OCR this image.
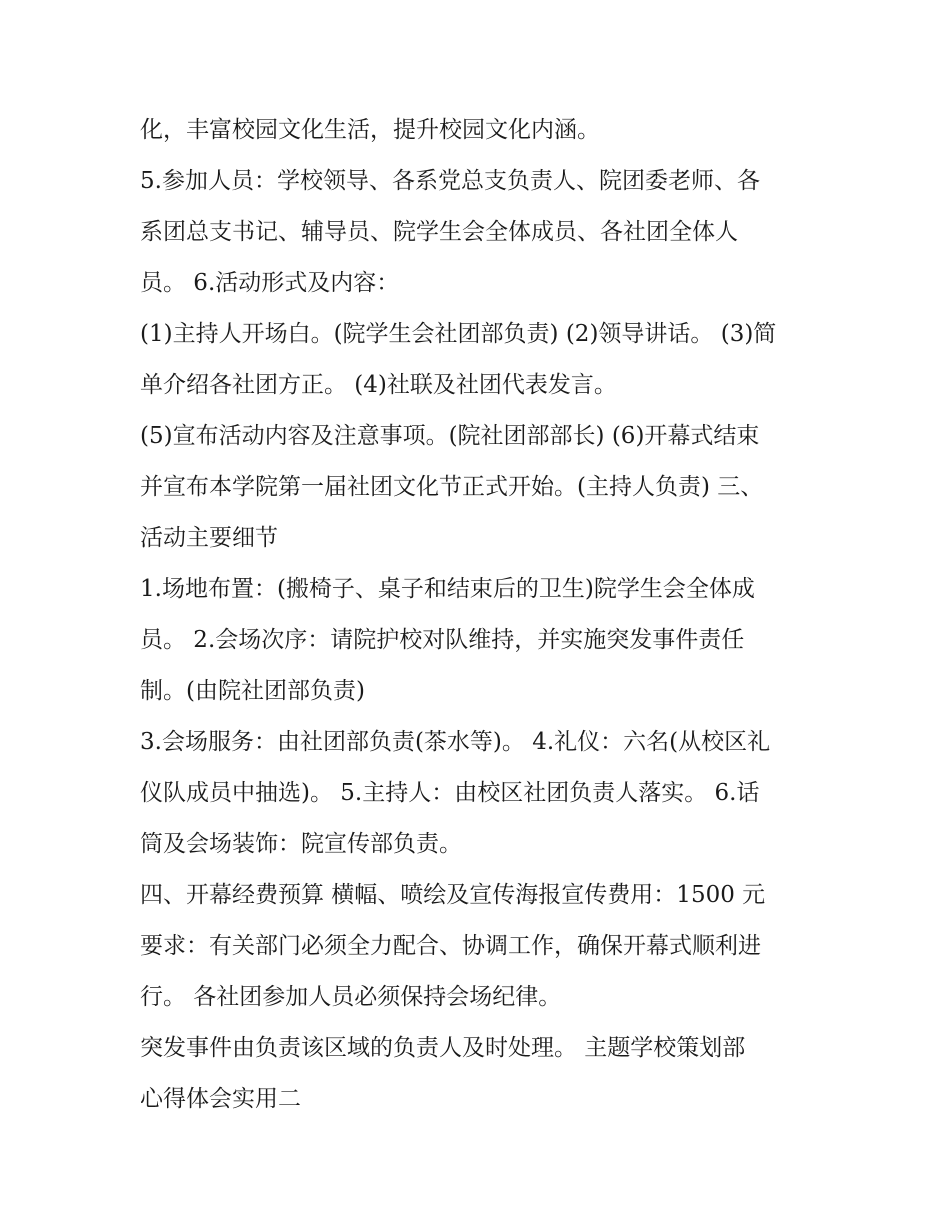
化，丰富校园文化生活，提升校园文化内涵。
5.参加人员：学校领导、各系党总支负责人、院团委老师、各
系团总支书记、辅导员、院学生会全体成员、各社团全体人
员。 6.活动形式及内容：
(1)主持人开场白。(院学生会社团部负责) (2)领导讲话。 (3)简
单介绍各社团方正。 (4)社联及社团代表发言。
(5)宣布活动内容及注意事项。(院社团部部长) (6)开幕式结束
并宣布本学院第一届社团文化节正式开始。(主持人负责) 三、
活动主要细节
1.场地布置：(搬椅子、桌子和结束后的卫生)院学生会全体成
员。 2.会场次序：请院护校对队维持，并实施突发事件责任
制。(由院社团部负责)
3.会场服务：由社团部负责(茶水等)。 4.礼仪：六名(从校区礼
仪队成员中抽选)。 5.主持人：由校区社团负责人落实。 6.话
筒及会场装饰：院宣传部负责。
四、开幕经费预算 横幅、喷绘及宣传海报宣传费用：1500 元
要求：有关部门必须全力配合、协调工作，确保开幕式顺利进
行。 各社团参加人员必须保持会场纪律。
突发事件由负责该区域的负责人及时处理。 主题学校策划部
心得体会实用二
